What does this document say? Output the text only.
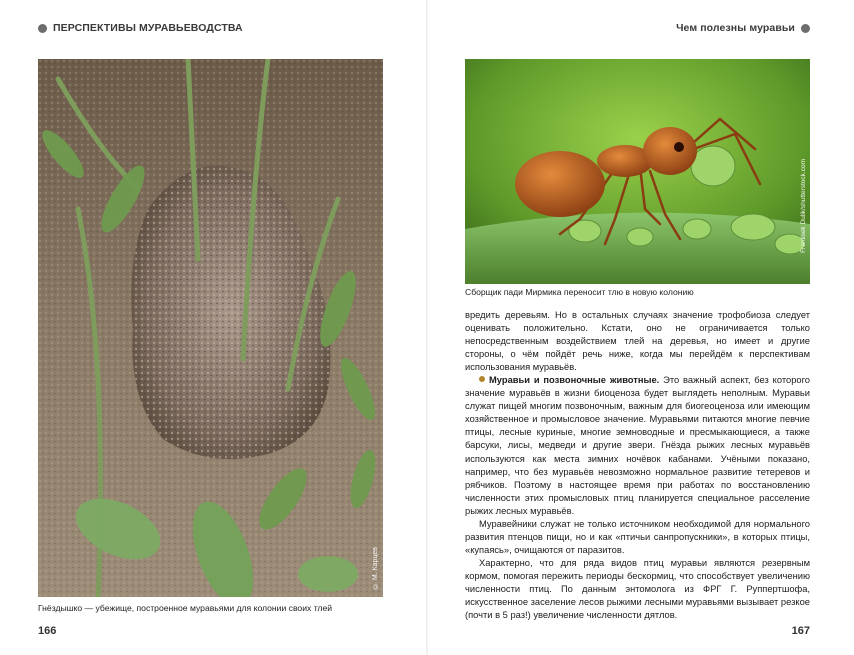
ПЕРСПЕКТИВЫ МУРАВЬЕВОДСТВА
© М. Карцев
Гнёздышко — убежище, построенное муравьями для колонии своих тлей
166
Чем полезны муравьи
Frantisek Dulik/shutterstock.com
Сборщик пади Мирмика переносит тлю в новую колонию

вредить деревьям. Но в остальных случаях значение трофобиоза следует оценивать положительно. Кстати, оно не ограничивается только непосредственным воздействием тлей на деревья, но имеет и другие стороны, о чём пойдёт речь ниже, когда мы перейдём к перспективам использования муравьёв.

Муравьи и позвоночные животные. Это важный аспект, без которого значение муравьёв в жизни биоценоза будет выглядеть неполным. Муравьи служат пищей многим позвоночным, важным для биогеоценоза или имеющим хозяйственное и промысловое значение. Муравьями питаются многие певчие птицы, лесные куриные, многие земноводные и пресмыкающиеся, а также барсуки, лисы, медведи и другие звери. Гнёзда рыжих лесных муравьёв используются как места зимних ночёвок кабанами. Учёными показано, например, что без муравьёв невозможно нормальное развитие тетеревов и рябчиков. Поэтому в настоящее время при работах по восстановлению численности этих промысловых птиц планируется специальное расселение рыжих лесных муравьёв.

Муравейники служат не только источником необходимой для нормального развития птенцов пищи, но и как «птичьи санпропускники», в которых птицы, «купаясь», очищаются от паразитов.

Характерно, что для ряда видов птиц муравьи являются резервным кормом, помогая пережить периоды бескормиц, что способствует увеличению численности птиц. По данным энтомолога из ФРГ Г. Руппертшофа, искусственное заселение лесов рыжими лесными муравьями вызывает резкое (почти в 5 раз!) увеличение численности дятлов.

167
